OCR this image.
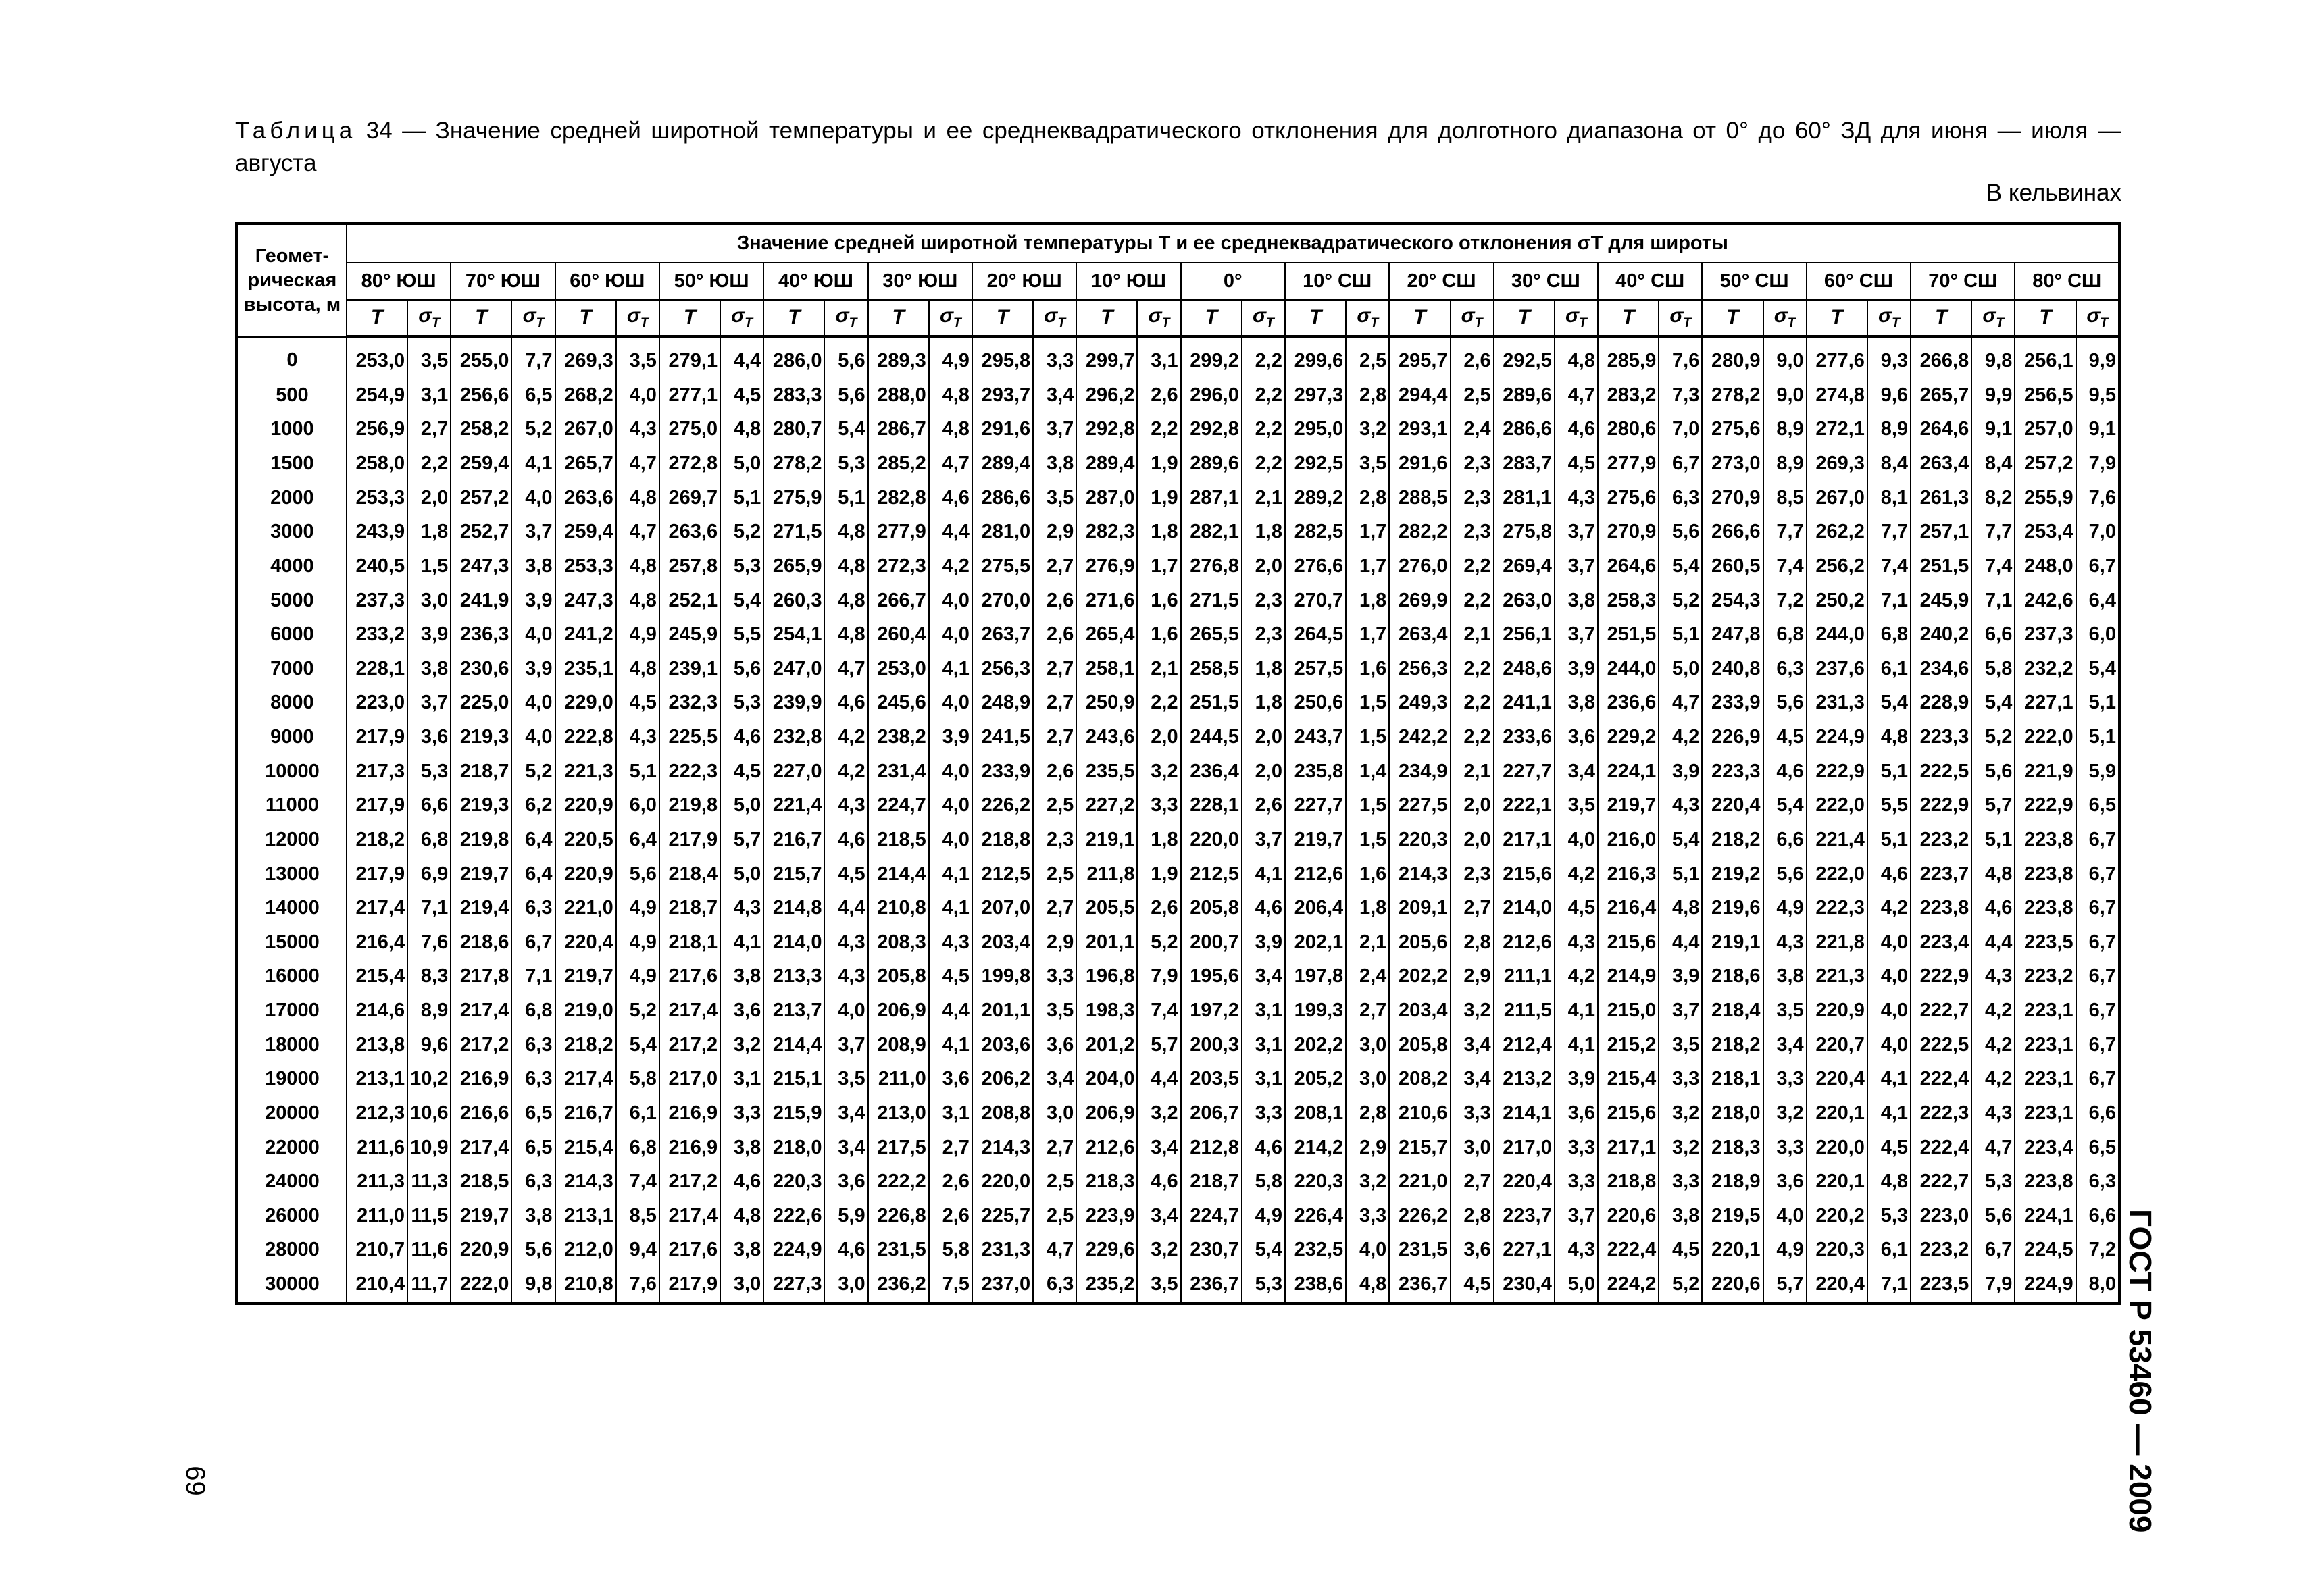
Таблица 34 — Значение средней широтной температуры и ее среднеквадратического отклонения для долготного диапазона от 0° до 60° ЗД для июня — июля — августа
В кельвинах
Геомет-рическая высота, м	Значение средней широтной температуры T и ее среднеквадратического отклонения σT для широты																																	
	80° ЮШ		70° ЮШ		60° ЮШ		50° ЮШ		40° ЮШ		30° ЮШ		20° ЮШ		10° ЮШ		0°		10° СШ		20° СШ		30° СШ		40° СШ		50° СШ		60° СШ		70° СШ		80° СШ	
	T	$\sigma_T$	T	$\sigma_T$	T	$\sigma_T$	T	$\sigma_T$	T	$\sigma_T$	T	$\sigma_T$	T	$\sigma_T$	T	$\sigma_T$	T	$\sigma_T$	T	$\sigma_T$	T	$\sigma_T$	T	$\sigma_T$	T	$\sigma_T$	T	$\sigma_T$	T	$\sigma_T$	T	$\sigma_T$	T	$\sigma_T$
0	253,0	3,5	255,0	7,7	269,3	3,5	279,1	4,4	286,0	5,6	289,3	4,9	295,8	3,3	299,7	3,1	299,2	2,2	299,6	2,5	295,7	2,6	292,5	4,8	285,9	7,6	280,9	9,0	277,6	9,3	266,8	9,8	256,1	9,9
500	254,9	3,1	256,6	6,5	268,2	4,0	277,1	4,5	283,3	5,6	288,0	4,8	293,7	3,4	296,2	2,6	296,0	2,2	297,3	2,8	294,4	2,5	289,6	4,7	283,2	7,3	278,2	9,0	274,8	9,6	265,7	9,9	256,5	9,5
1000	256,9	2,7	258,2	5,2	267,0	4,3	275,0	4,8	280,7	5,4	286,7	4,8	291,6	3,7	292,8	2,2	292,8	2,2	295,0	3,2	293,1	2,4	286,6	4,6	280,6	7,0	275,6	8,9	272,1	8,9	264,6	9,1	257,0	9,1
1500	258,0	2,2	259,4	4,1	265,7	4,7	272,8	5,0	278,2	5,3	285,2	4,7	289,4	3,8	289,4	1,9	289,6	2,2	292,5	3,5	291,6	2,3	283,7	4,5	277,9	6,7	273,0	8,9	269,3	8,4	263,4	8,4	257,2	7,9
2000	253,3	2,0	257,2	4,0	263,6	4,8	269,7	5,1	275,9	5,1	282,8	4,6	286,6	3,5	287,0	1,9	287,1	2,1	289,2	2,8	288,5	2,3	281,1	4,3	275,6	6,3	270,9	8,5	267,0	8,1	261,3	8,2	255,9	7,6
3000	243,9	1,8	252,7	3,7	259,4	4,7	263,6	5,2	271,5	4,8	277,9	4,4	281,0	2,9	282,3	1,8	282,1	1,8	282,5	1,7	282,2	2,3	275,8	3,7	270,9	5,6	266,6	7,7	262,2	7,7	257,1	7,7	253,4	7,0
4000	240,5	1,5	247,3	3,8	253,3	4,8	257,8	5,3	265,9	4,8	272,3	4,2	275,5	2,7	276,9	1,7	276,8	2,0	276,6	1,7	276,0	2,2	269,4	3,7	264,6	5,4	260,5	7,4	256,2	7,4	251,5	7,4	248,0	6,7
5000	237,3	3,0	241,9	3,9	247,3	4,8	252,1	5,4	260,3	4,8	266,7	4,0	270,0	2,6	271,6	1,6	271,5	2,3	270,7	1,8	269,9	2,2	263,0	3,8	258,3	5,2	254,3	7,2	250,2	7,1	245,9	7,1	242,6	6,4
6000	233,2	3,9	236,3	4,0	241,2	4,9	245,9	5,5	254,1	4,8	260,4	4,0	263,7	2,6	265,4	1,6	265,5	2,3	264,5	1,7	263,4	2,1	256,1	3,7	251,5	5,1	247,8	6,8	244,0	6,8	240,2	6,6	237,3	6,0
7000	228,1	3,8	230,6	3,9	235,1	4,8	239,1	5,6	247,0	4,7	253,0	4,1	256,3	2,7	258,1	2,1	258,5	1,8	257,5	1,6	256,3	2,2	248,6	3,9	244,0	5,0	240,8	6,3	237,6	6,1	234,6	5,8	232,2	5,4
8000	223,0	3,7	225,0	4,0	229,0	4,5	232,3	5,3	239,9	4,6	245,6	4,0	248,9	2,7	250,9	2,2	251,5	1,8	250,6	1,5	249,3	2,2	241,1	3,8	236,6	4,7	233,9	5,6	231,3	5,4	228,9	5,4	227,1	5,1
9000	217,9	3,6	219,3	4,0	222,8	4,3	225,5	4,6	232,8	4,2	238,2	3,9	241,5	2,7	243,6	2,0	244,5	2,0	243,7	1,5	242,2	2,2	233,6	3,6	229,2	4,2	226,9	4,5	224,9	4,8	223,3	5,2	222,0	5,1
10000	217,3	5,3	218,7	5,2	221,3	5,1	222,3	4,5	227,0	4,2	231,4	4,0	233,9	2,6	235,5	3,2	236,4	2,0	235,8	1,4	234,9	2,1	227,7	3,4	224,1	3,9	223,3	4,6	222,9	5,1	222,5	5,6	221,9	5,9
11000	217,9	6,6	219,3	6,2	220,9	6,0	219,8	5,0	221,4	4,3	224,7	4,0	226,2	2,5	227,2	3,3	228,1	2,6	227,7	1,5	227,5	2,0	222,1	3,5	219,7	4,3	220,4	5,4	222,0	5,5	222,9	5,7	222,9	6,5
12000	218,2	6,8	219,8	6,4	220,5	6,4	217,9	5,7	216,7	4,6	218,5	4,0	218,8	2,3	219,1	1,8	220,0	3,7	219,7	1,5	220,3	2,0	217,1	4,0	216,0	5,4	218,2	6,6	221,4	5,1	223,2	5,1	223,8	6,7
13000	217,9	6,9	219,7	6,4	220,9	5,6	218,4	5,0	215,7	4,5	214,4	4,1	212,5	2,5	211,8	1,9	212,5	4,1	212,6	1,6	214,3	2,3	215,6	4,2	216,3	5,1	219,2	5,6	222,0	4,6	223,7	4,8	223,8	6,7
14000	217,4	7,1	219,4	6,3	221,0	4,9	218,7	4,3	214,8	4,4	210,8	4,1	207,0	2,7	205,5	2,6	205,8	4,6	206,4	1,8	209,1	2,7	214,0	4,5	216,4	4,8	219,6	4,9	222,3	4,2	223,8	4,6	223,8	6,7
15000	216,4	7,6	218,6	6,7	220,4	4,9	218,1	4,1	214,0	4,3	208,3	4,3	203,4	2,9	201,1	5,2	200,7	3,9	202,1	2,1	205,6	2,8	212,6	4,3	215,6	4,4	219,1	4,3	221,8	4,0	223,4	4,4	223,5	6,7
16000	215,4	8,3	217,8	7,1	219,7	4,9	217,6	3,8	213,3	4,3	205,8	4,5	199,8	3,3	196,8	7,9	195,6	3,4	197,8	2,4	202,2	2,9	211,1	4,2	214,9	3,9	218,6	3,8	221,3	4,0	222,9	4,3	223,2	6,7
17000	214,6	8,9	217,4	6,8	219,0	5,2	217,4	3,6	213,7	4,0	206,9	4,4	201,1	3,5	198,3	7,4	197,2	3,1	199,3	2,7	203,4	3,2	211,5	4,1	215,0	3,7	218,4	3,5	220,9	4,0	222,7	4,2	223,1	6,7
18000	213,8	9,6	217,2	6,3	218,2	5,4	217,2	3,2	214,4	3,7	208,9	4,1	203,6	3,6	201,2	5,7	200,3	3,1	202,2	3,0	205,8	3,4	212,4	4,1	215,2	3,5	218,2	3,4	220,7	4,0	222,5	4,2	223,1	6,7
19000	213,1	10,2	216,9	6,3	217,4	5,8	217,0	3,1	215,1	3,5	211,0	3,6	206,2	3,4	204,0	4,4	203,5	3,1	205,2	3,0	208,2	3,4	213,2	3,9	215,4	3,3	218,1	3,3	220,4	4,1	222,4	4,2	223,1	6,7
20000	212,3	10,6	216,6	6,5	216,7	6,1	216,9	3,3	215,9	3,4	213,0	3,1	208,8	3,0	206,9	3,2	206,7	3,3	208,1	2,8	210,6	3,3	214,1	3,6	215,6	3,2	218,0	3,2	220,1	4,1	222,3	4,3	223,1	6,6
22000	211,6	10,9	217,4	6,5	215,4	6,8	216,9	3,8	218,0	3,4	217,5	2,7	214,3	2,7	212,6	3,4	212,8	4,6	214,2	2,9	215,7	3,0	217,0	3,3	217,1	3,2	218,3	3,3	220,0	4,5	222,4	4,7	223,4	6,5
24000	211,3	11,3	218,5	6,3	214,3	7,4	217,2	4,6	220,3	3,6	222,2	2,6	220,0	2,5	218,3	4,6	218,7	5,8	220,3	3,2	221,0	2,7	220,4	3,3	218,8	3,3	218,9	3,6	220,1	4,8	222,7	5,3	223,8	6,3
26000	211,0	11,5	219,7	3,8	213,1	8,5	217,4	4,8	222,6	5,9	226,8	2,6	225,7	2,5	223,9	3,4	224,7	4,9	226,4	3,3	226,2	2,8	223,7	3,7	220,6	3,8	219,5	4,0	220,2	5,3	223,0	5,6	224,1	6,6
28000	210,7	11,6	220,9	5,6	212,0	9,4	217,6	3,8	224,9	4,6	231,5	5,8	231,3	4,7	229,6	3,2	230,7	5,4	232,5	4,0	231,5	3,6	227,1	4,3	222,4	4,5	220,1	4,9	220,3	6,1	223,2	6,7	224,5	7,2
30000	210,4	11,7	222,0	9,8	210,8	7,6	217,9	3,0	227,3	3,0	236,2	7,5	237,0	6,3	235,2	3,5	236,7	5,3	238,6	4,8	236,7	4,5	230,4	5,0	224,2	5,2	220,6	5,7	220,4	7,1	223,5	7,9	224,9	8,0 ГОСТ Р 53460 — 2009
69
